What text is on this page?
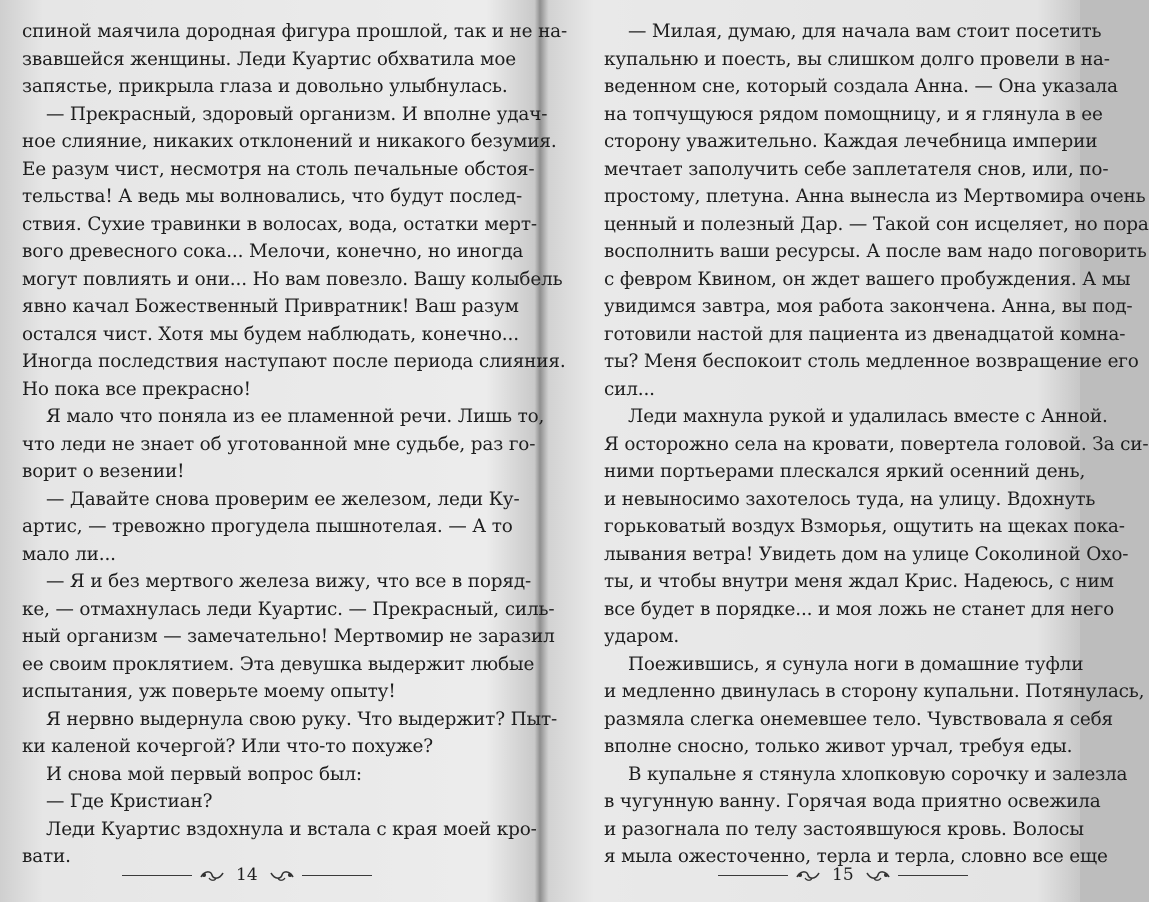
спиной маячила дородная фигура прошлой, так и не на-
звавшейся женщины. Леди Куартис обхватила мое
запястье, прикрыла глаза и довольно улыбнулась.
— Прекрасный, здоровый организм. И вполне удач-
ное слияние, никаких отклонений и никакого безумия.
Ее разум чист, несмотря на столь печальные обстоя-
тельства! А ведь мы волновались, что будут послед-
ствия. Сухие травинки в волосах, вода, остатки мерт-
вого древесного сока... Мелочи, конечно, но иногда
могут повлиять и они... Но вам повезло. Вашу колыбель
явно качал Божественный Привратник! Ваш разум
остался чист. Хотя мы будем наблюдать, конечно...
Иногда последствия наступают после периода слияния.
Но пока все прекрасно!
Я мало что поняла из ее пламенной речи. Лишь то,
что леди не знает об уготованной мне судьбе, раз го-
ворит о везении!
— Давайте снова проверим ее железом, леди Ку-
артис, — тревожно прогудела пышнотелая. — А то
мало ли...
— Я и без мертвого железа вижу, что все в поряд-
ке, — отмахнулась леди Куартис. — Прекрасный, силь-
ный организм — замечательно! Мертвомир не заразил
ее своим проклятием. Эта девушка выдержит любые
испытания, уж поверьте моему опыту!
Я нервно выдернула свою руку. Что выдержит? Пыт-
ки каленой кочергой? Или что-то похуже?
И снова мой первый вопрос был:
— Где Кристиан?
Леди Куартис вздохнула и встала с края моей кро-
вати.
14
— Милая, думаю, для начала вам стоит посетить
купальню и поесть, вы слишком долго провели в на-
веденном сне, который создала Анна. — Она указала
на топчущуюся рядом помощницу, и я глянула в ее
сторону уважительно. Каждая лечебница империи
мечтает заполучить себе заплетателя снов, или, по-
простому, плетуна. Анна вынесла из Мертвомира очень
ценный и полезный Дар. — Такой сон исцеляет, но пора
восполнить ваши ресурсы. А после вам надо поговорить
с февром Квином, он ждет вашего пробуждения. А мы
увидимся завтра, моя работа закончена. Анна, вы под-
готовили настой для пациента из двенадцатой комна-
ты? Меня беспокоит столь медленное возвращение его
сил...
Леди махнула рукой и удалилась вместе с Анной.
Я осторожно села на кровати, повертела головой. За си-
ними портьерами плескался яркий осенний день,
и невыносимо захотелось туда, на улицу. Вдохнуть
горьковатый воздух Взморья, ощутить на щеках пока-
лывания ветра! Увидеть дом на улице Соколиной Охо-
ты, и чтобы внутри меня ждал Крис. Надеюсь, с ним
все будет в порядке... и моя ложь не станет для него
ударом.
Поежившись, я сунула ноги в домашние туфли
и медленно двинулась в сторону купальни. Потянулась,
размяла слегка онемевшее тело. Чувствовала я себя
вполне сносно, только живот урчал, требуя еды.
В купальне я стянула хлопковую сорочку и залезла
в чугунную ванну. Горячая вода приятно освежила
и разогнала по телу застоявшуюся кровь. Волосы
я мыла ожесточенно, терла и терла, словно все еще
15
